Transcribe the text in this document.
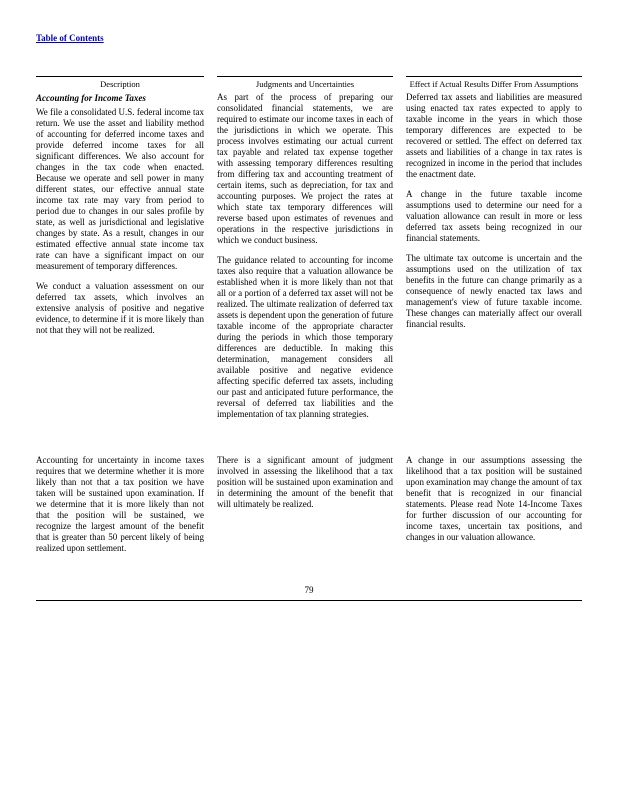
Table of Contents
Description	Judgments and Uncertainties	Effect if Actual Results Differ From Assumptions
Accounting for Income Taxes

We file a consolidated U.S. federal income tax return. We use the asset and liability method of accounting for deferred income taxes and provide deferred income taxes for all significant differences. We also account for changes in the tax code when enacted. Because we operate and sell power in many different states, our effective annual state income tax rate may vary from period to period due to changes in our sales profile by state, as well as jurisdictional and legislative changes by state. As a result, changes in our estimated effective annual state income tax rate can have a significant impact on our measurement of temporary differences.

We conduct a valuation assessment on our deferred tax assets, which involves an extensive analysis of positive and negative evidence, to determine if it is more likely than not that they will not be realized.

As part of the process of preparing our consolidated financial statements, we are required to estimate our income taxes in each of the jurisdictions in which we operate. This process involves estimating our actual current tax payable and related tax expense together with assessing temporary differences resulting from differing tax and accounting treatment of certain items, such as depreciation, for tax and accounting purposes. We project the rates at which state tax temporary differences will reverse based upon estimates of revenues and operations in the respective jurisdictions in which we conduct business.

The guidance related to accounting for income taxes also require that a valuation allowance be established when it is more likely than not that all or a portion of a deferred tax asset will not be realized. The ultimate realization of deferred tax assets is dependent upon the generation of future taxable income of the appropriate character during the periods in which those temporary differences are deductible. In making this determination, management considers all available positive and negative evidence affecting specific deferred tax assets, including our past and anticipated future performance, the reversal of deferred tax liabilities and the implementation of tax planning strategies.

Deferred tax assets and liabilities are measured using enacted tax rates expected to apply to taxable income in the years in which those temporary differences are expected to be recovered or settled. The effect on deferred tax assets and liabilities of a change in tax rates is recognized in income in the period that includes the enactment date.

A change in the future taxable income assumptions used to determine our need for a valuation allowance can result in more or less deferred tax assets being recognized in our financial statements.

The ultimate tax outcome is uncertain and the assumptions used on the utilization of tax benefits in the future can change primarily as a consequence of newly enacted tax laws and management's view of future taxable income. These changes can materially affect our overall financial results.

Accounting for uncertainty in income taxes requires that we determine whether it is more likely than not that a tax position we have taken will be sustained upon examination. If we determine that it is more likely than not that the position will be sustained, we recognize the largest amount of the benefit that is greater than 50 percent likely of being realized upon settlement.

There is a significant amount of judgment involved in assessing the likelihood that a tax position will be sustained upon examination and in determining the amount of the benefit that will ultimately be realized.

A change in our assumptions assessing the likelihood that a tax position will be sustained upon examination may change the amount of tax benefit that is recognized in our financial statements. Please read Note 14-Income Taxes for further discussion of our accounting for income taxes, uncertain tax positions, and changes in our valuation allowance.

79
